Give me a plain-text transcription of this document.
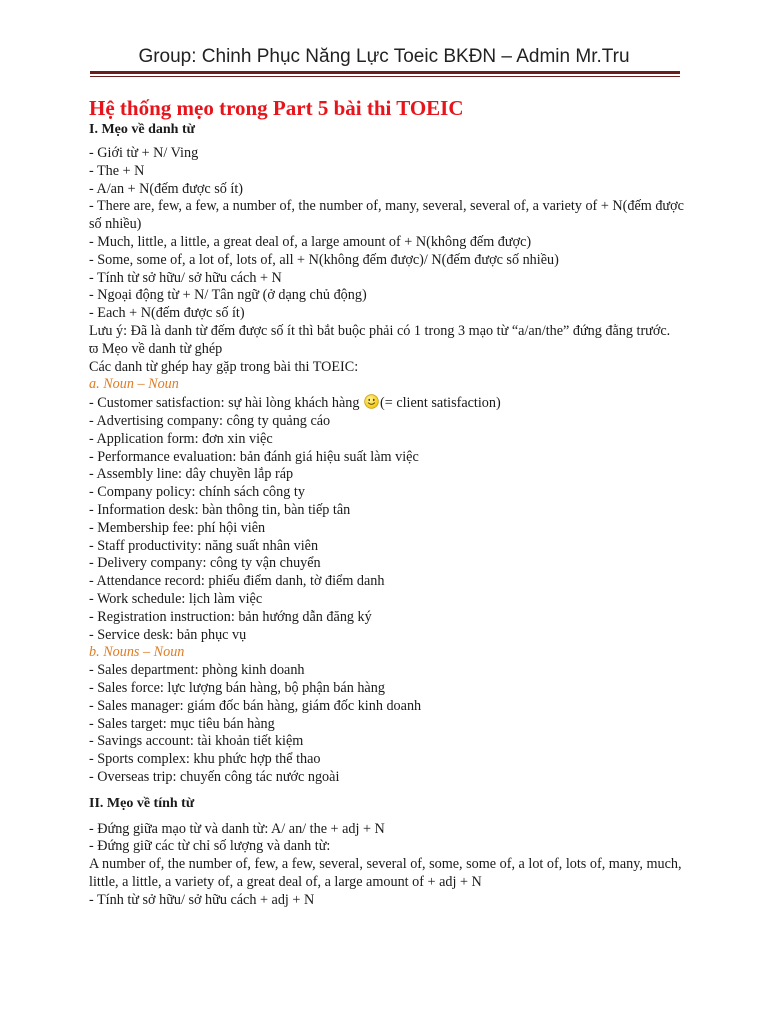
Group: Chinh Phục Năng Lực Toeic BKĐN – Admin Mr.Tru
Hệ thống mẹo trong Part 5 bài thi TOEIC
I. Mẹo về danh từ
- Giới từ + N/ Ving
- The + N
- A/an + N(đếm được số ít)
- There are, few, a few, a number of, the number of, many, several, several of, a variety of + N(đếm được số nhiều)
- Much, little, a little, a great deal of, a large amount of + N(không đếm được)
- Some, some of, a lot of, lots of, all + N(không đếm được)/ N(đếm được số nhiều)
- Tính từ sở hữu/ sở hữu cách + N
- Ngoại động từ + N/ Tân ngữ (ở dạng chủ động)
- Each + N(đếm được số ít)
Lưu ý: Đã là danh từ đếm được số ít thì bắt buộc phải có 1 trong 3 mạo từ “a/an/the” đứng đằng trước.
ϖ Mẹo về danh từ ghép
Các danh từ ghép hay gặp trong bài thi TOEIC:
a. Noun – Noun
- Customer satisfaction: sự hài lòng khách hàng (= client satisfaction)
- Advertising company: công ty quảng cáo
- Application form: đơn xin việc
- Performance evaluation: bản đánh giá hiệu suất làm việc
- Assembly line: dây chuyền lắp ráp
- Company policy: chính sách công ty
- Information desk: bàn thông tin, bàn tiếp tân
- Membership fee: phí hội viên
- Staff productivity: năng suất nhân viên
- Delivery company: công ty vận chuyển
- Attendance record: phiếu điểm danh, tờ điểm danh
- Work schedule: lịch làm việc
- Registration instruction: bản hướng dẫn đăng ký
- Service desk: bản phục vụ
b. Nouns – Noun
- Sales department: phòng kinh doanh
- Sales force: lực lượng bán hàng, bộ phận bán hàng
- Sales manager: giám đốc bán hàng, giám đốc kinh doanh
- Sales target: mục tiêu bán hàng
- Savings account: tài khoản tiết kiệm
- Sports complex: khu phức hợp thể thao
- Overseas trip: chuyến công tác nước ngoài
II. Mẹo về tính từ
- Đứng giữa mạo từ và danh từ: A/ an/ the + adj + N
- Đứng giữ các từ chỉ số lượng và danh từ:
A number of, the number of, few, a few, several, several of, some, some of, a lot of, lots of, many, much, little, a little, a variety of, a great deal of, a large amount of + adj + N
- Tính từ sở hữu/ sở hữu cách + adj + N
